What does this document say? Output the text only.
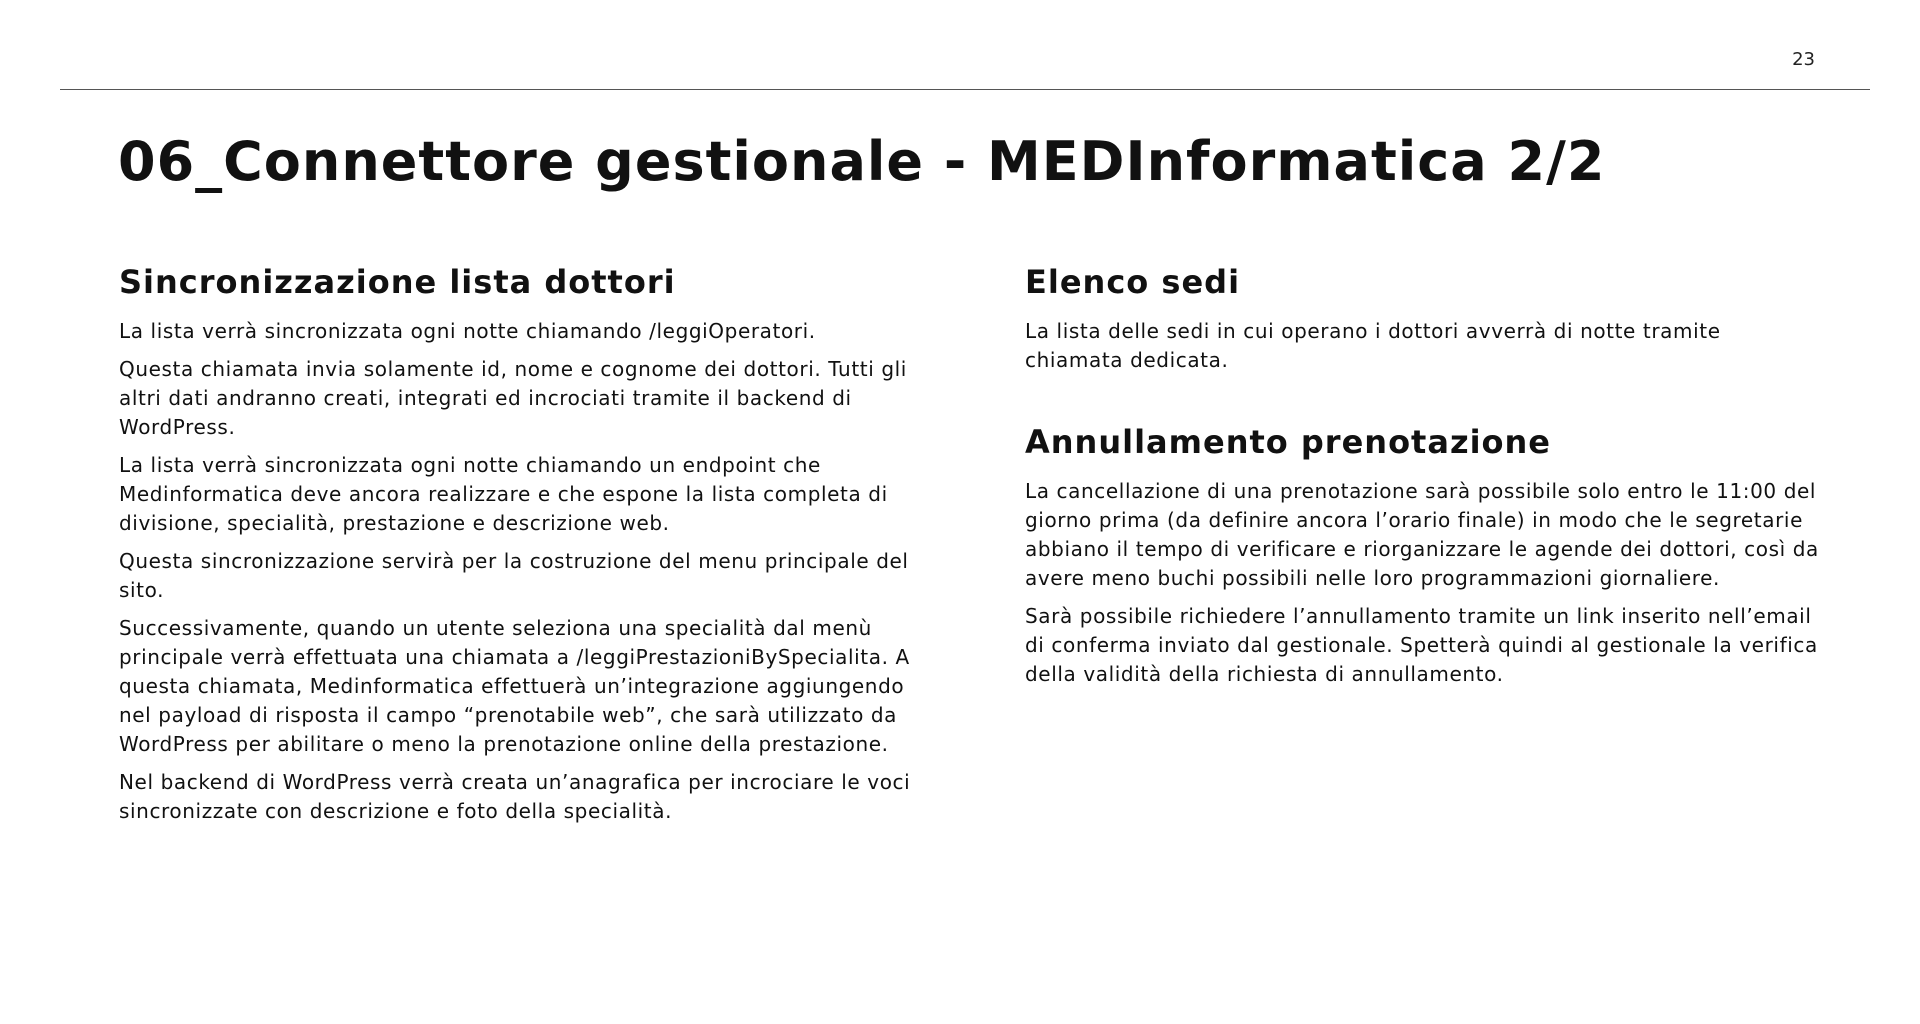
23
06_Connettore gestionale - MEDInformatica 2/2
Sincronizzazione lista dottori

La lista verrà sincronizzata ogni notte chiamando /leggiOperatori.

Questa chiamata invia solamente id, nome e cognome dei dottori. Tutti gli altri dati andranno creati, integrati ed incrociati tramite il backend di WordPress.

La lista verrà sincronizzata ogni notte chiamando un endpoint che Medinformatica deve ancora realizzare e che espone la lista completa di divisione, specialità, prestazione e descrizione web.

Questa sincronizzazione servirà per la costruzione del menu principale del sito.

Successivamente, quando un utente seleziona una specialità dal menù principale verrà effettuata una chiamata a /leggiPrestazioniBySpecialita. A questa chiamata, Medinformatica effettuerà un’integrazione aggiungendo nel payload di risposta il campo “prenotabile web”, che sarà utilizzato da WordPress per abilitare o meno la prenotazione online della prestazione.

Nel backend di WordPress verrà creata un’anagrafica per incrociare le voci sincronizzate con descrizione e foto della specialità.

Elenco sedi

La lista delle sedi in cui operano i dottori avverrà di notte tramite chiamata dedicata.

Annullamento prenotazione

La cancellazione di una prenotazione sarà possibile solo entro le 11:00 del giorno prima (da definire ancora l’orario finale) in modo che le segretarie abbiano il tempo di verificare e riorganizzare le agende dei dottori, così da avere meno buchi possibili nelle loro programmazioni giornaliere.

Sarà possibile richiedere l’annullamento tramite un link inserito nell’email di conferma inviato dal gestionale. Spetterà quindi al gestionale la verifica della validità della richiesta di annullamento.
